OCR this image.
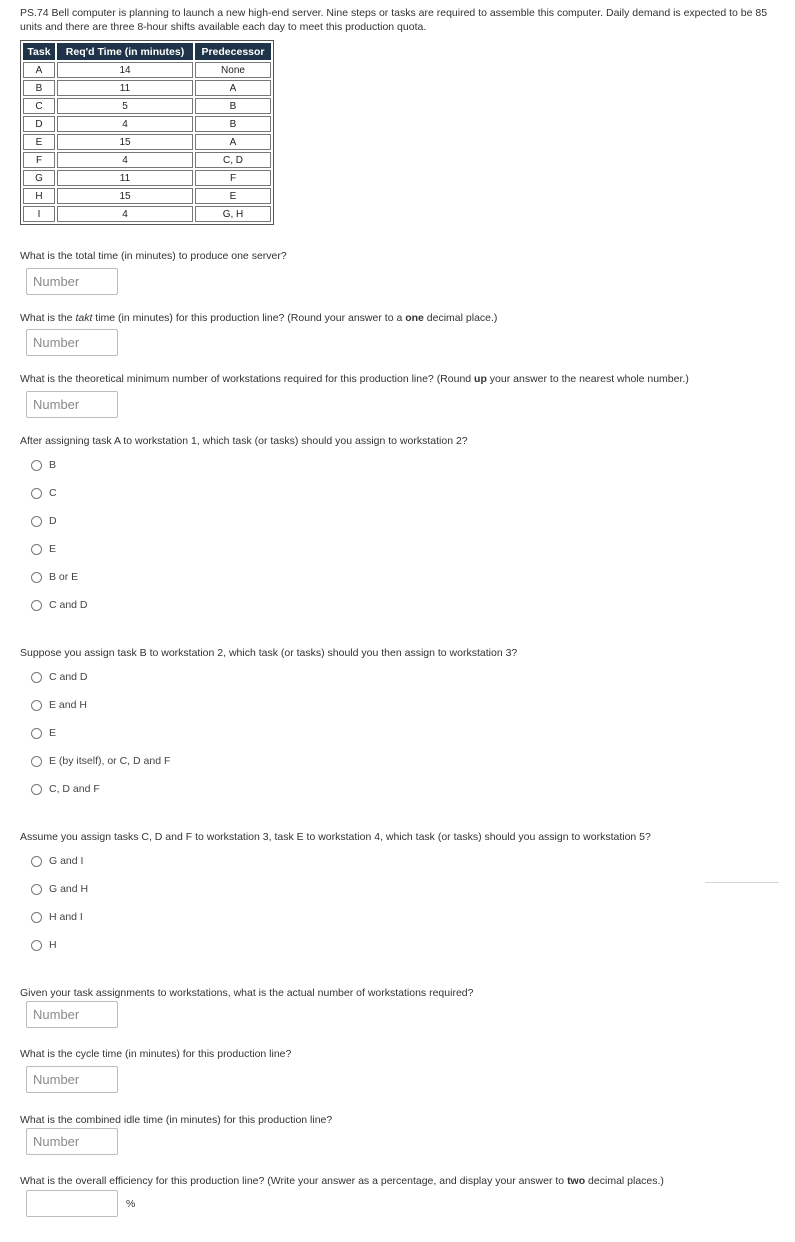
PS.74 Bell computer is planning to launch a new high-end server. Nine steps or tasks are required to assemble this computer. Daily demand is expected to be 85 units and there are three 8-hour shifts available each day to meet this production quota.
Task	Req'd Time (in minutes)	Predecessor
A	14	None
B	11	A
C	5	B
D	4	B
E	15	A
F	4	C, D
G	11	F
H	15	E
I	4	G, H
What is the total time (in minutes) to produce one server?
Number
What is the takt time (in minutes) for this production line? (Round your answer to a one decimal place.)
Number
What is the theoretical minimum number of workstations required for this production line? (Round up your answer to the nearest whole number.)
Number
After assigning task A to workstation 1, which task (or tasks) should you assign to workstation 2?
B
C
D
E
B or E
C and D
Suppose you assign task B to workstation 2, which task (or tasks) should you then assign to workstation 3?
C and D
E and H
E
E (by itself), or C, D and F
C, D and F
Assume you assign tasks C, D and F to workstation 3, task E to workstation 4, which task (or tasks) should you assign to workstation 5?
G and I
G and H
H and I
H
Given your task assignments to workstations, what is the actual number of workstations required?
Number
What is the cycle time (in minutes) for this production line?
Number
What is the combined idle time (in minutes) for this production line?
Number
What is the overall efficiency for this production line? (Write your answer as a percentage, and display your answer to two decimal places.)
%
